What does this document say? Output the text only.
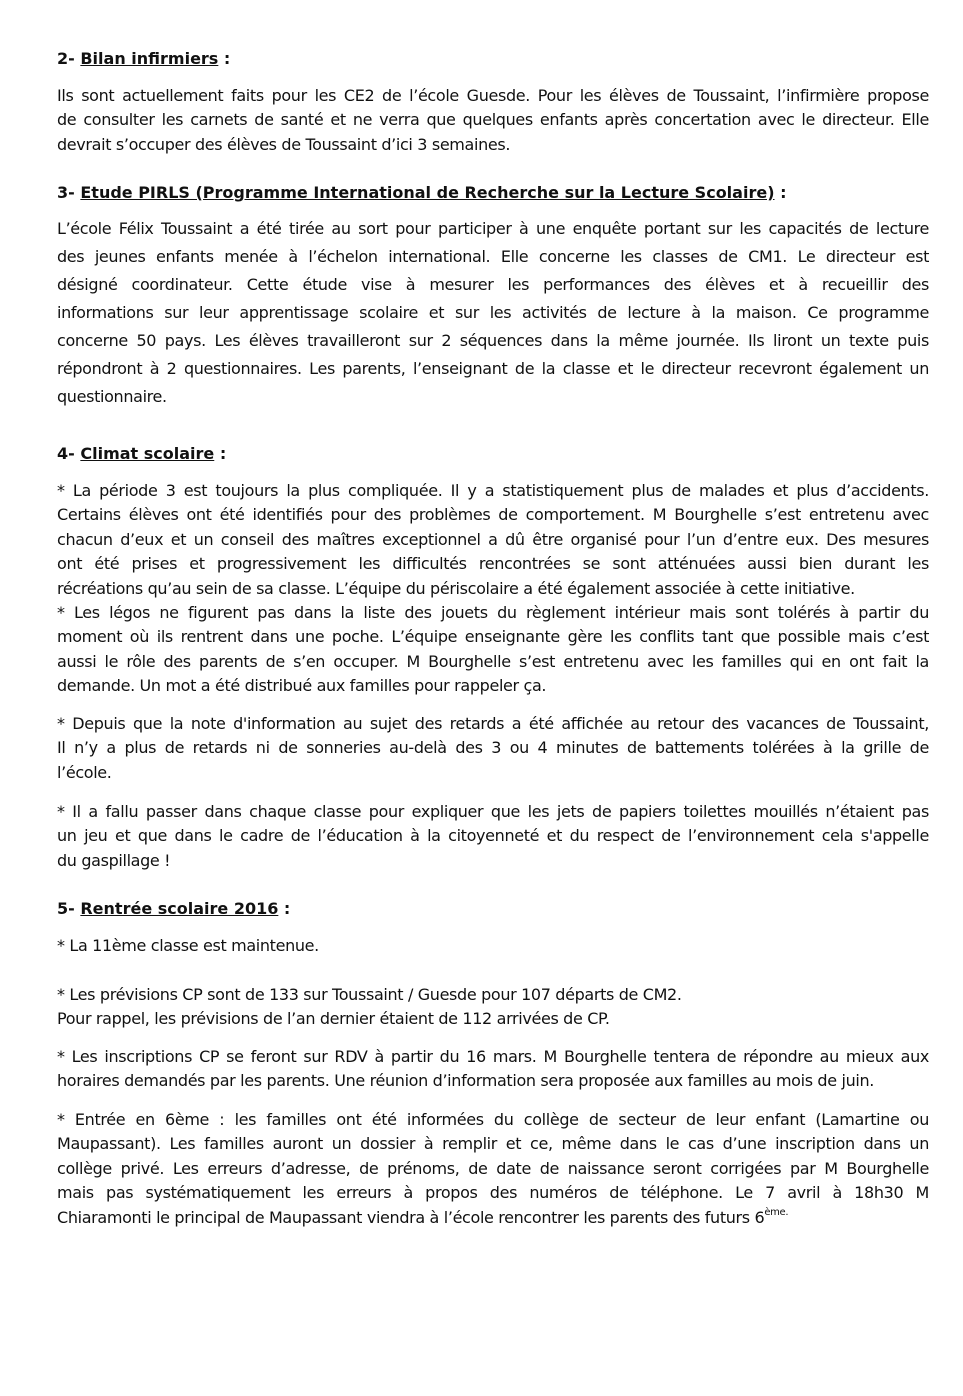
2- Bilan infirmiers :
Ils sont actuellement faits pour les CE2 de l’école Guesde. Pour les élèves de Toussaint, l’infirmière propose
de consulter les carnets de santé et ne verra que quelques enfants après concertation avec le directeur. Elle
devrait s’occuper des élèves de Toussaint d’ici 3 semaines.
3- Etude PIRLS (Programme International de Recherche sur la Lecture Scolaire) :
L’école Félix Toussaint a été tirée au sort pour participer à une enquête portant sur les capacités de lecture
des jeunes enfants menée à l’échelon international. Elle concerne les classes de CM1. Le directeur est
désigné coordinateur. Cette étude vise à mesurer les performances des élèves et à recueillir des
informations sur leur apprentissage scolaire et sur les activités de lecture à la maison. Ce programme
concerne 50 pays. Les élèves travailleront sur 2 séquences dans la même journée. Ils liront un texte puis
répondront à 2 questionnaires. Les parents, l’enseignant de la classe et le directeur recevront également un
questionnaire.
4- Climat scolaire :
* La période 3 est toujours la plus compliquée. Il y a statistiquement plus de malades et plus d’accidents.
Certains élèves ont été identifiés pour des problèmes de comportement. M Bourghelle s’est entretenu avec
chacun d’eux et un conseil des maîtres exceptionnel a dû être organisé pour l’un d’entre eux. Des mesures
ont été prises et progressivement les difficultés rencontrées se sont atténuées aussi bien durant les
récréations qu’au sein de sa classe. L’équipe du périscolaire a été également associée à cette initiative.
* Les légos ne figurent pas dans la liste des jouets du règlement intérieur mais sont tolérés à partir du
moment où ils rentrent dans une poche. L’équipe enseignante gère les conflits tant que possible mais c’est
aussi le rôle des parents de s’en occuper. M Bourghelle s’est entretenu avec les familles qui en ont fait la
demande. Un mot a été distribué aux familles pour rappeler ça.
* Depuis que la note d'information au sujet des retards a été affichée au retour des vacances de Toussaint,
Il n’y a plus de retards ni de sonneries au-delà des 3 ou 4 minutes de battements tolérées à la grille de
l’école.
* Il a fallu passer dans chaque classe pour expliquer que les jets de papiers toilettes mouillés n’étaient pas
un jeu et que dans le cadre de l’éducation à la citoyenneté et du respect de l’environnement cela s'appelle
du gaspillage !
5- Rentrée scolaire 2016 :
* La 11ème classe est maintenue.
* Les prévisions CP sont de 133 sur Toussaint / Guesde pour 107 départs de CM2.
Pour rappel, les prévisions de l’an dernier étaient de 112 arrivées de CP.
* Les inscriptions CP se feront sur RDV à partir du 16 mars. M Bourghelle tentera de répondre au mieux aux
horaires demandés par les parents. Une réunion d’information sera proposée aux familles au mois de juin.
* Entrée en 6ème : les familles ont été informées du collège de secteur de leur enfant (Lamartine ou
Maupassant). Les familles auront un dossier à remplir et ce, même dans le cas d’une inscription dans un
collège privé. Les erreurs d’adresse, de prénoms, de date de naissance seront corrigées par M Bourghelle
mais pas systématiquement les erreurs à propos des numéros de téléphone. Le 7 avril à 18h30 M
Chiaramonti le principal de Maupassant viendra à l’école rencontrer les parents des futurs $6^{ème.}$
